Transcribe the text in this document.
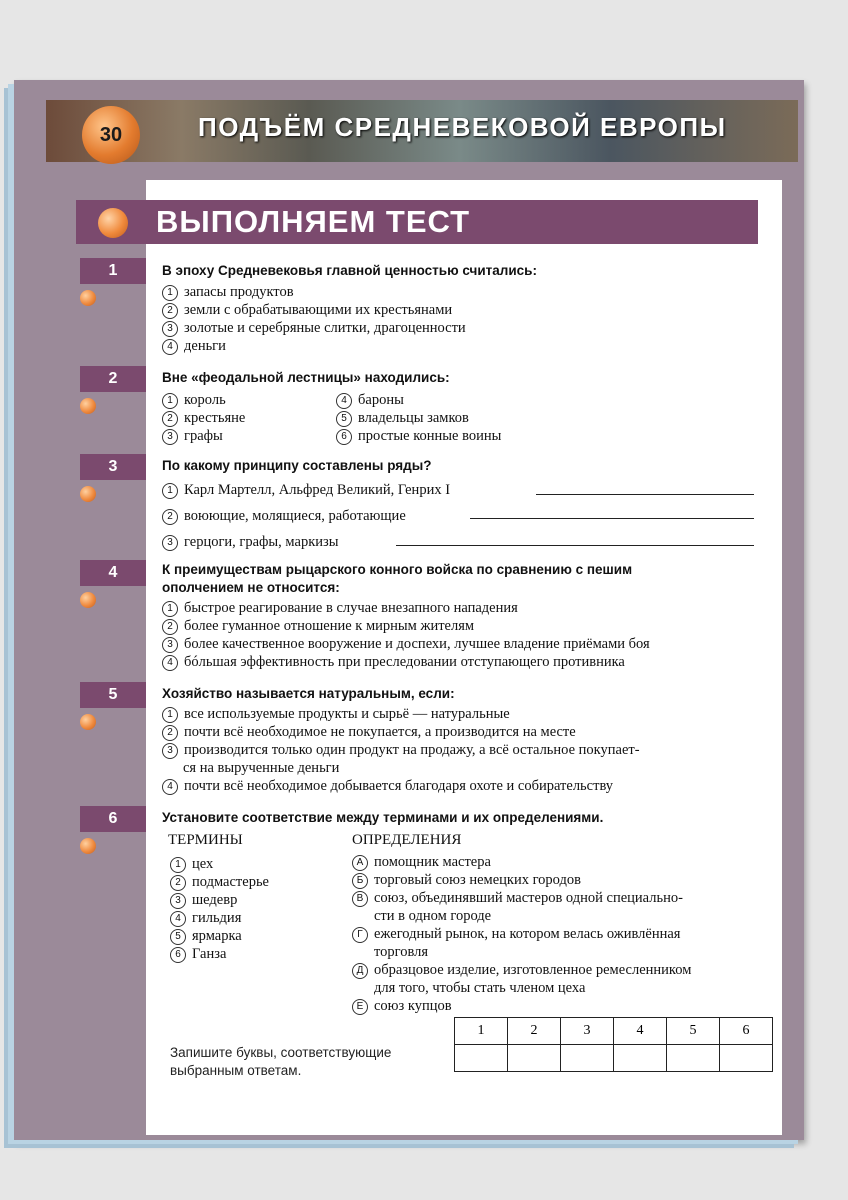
30	ПОДЪЁМ СРЕДНЕВЕКОВОЙ ЕВРОПЫ
ВЫПОЛНЯЕМ ТЕСТ
1	В эпоху Средневековья главной ценностью считались:
1 запасы продуктов
2 земли с обрабатывающими их крестьянами
3 золотые и серебряные слитки, драгоценности
4 деньги
2	Вне «феодальной лестницы» находились:
1 король
2 крестьяне
3 графы
4 бароны
5 владельцы замков
6 простые конные воины
3	По какому принципу составлены ряды?
1 Карл Мартелл, Альфред Великий, Генрих I
2 воюющие, молящиеся, работающие
3 герцоги, графы, маркизы
4	К преимуществам рыцарского конного войска по сравнению с пешим
ополчением не относится:
1 быстрое реагирование в случае внезапного нападения
2 более гуманное отношение к мирным жителям
3 более качественное вооружение и доспехи, лучшее владение приёмами боя
4 бóльшая эффективность при преследовании отступающего противника
5	Хозяйство называется натуральным, если:
1 все используемые продукты и сырьё — натуральные
2 почти всё необходимое не покупается, а производится на месте
3 производится только один продукт на продажу, а всё остальное покупает-
ся на вырученные деньги
4 почти всё необходимое добывается благодаря охоте и собирательству
6	Установите соответствие между терминами и их определениями.
ТЕРМИНЫ	ОПРЕДЕЛЕНИЯ
1 цех
2 подмастерье
3 шедевр
4 гильдия
5 ярмарка
6 Ганза
А помощник мастера
Б торговый союз немецких городов
В союз, объединявший мастеров одной специально-
сти в одном городе
Г ежегодный рынок, на котором велась оживлённая
торговля
Д образцовое изделие, изготовленное ремесленником
для того, чтобы стать членом цеха
Е союз купцов
1	2	3	4	5	6

Запишите буквы, соответствующие
выбранным ответам.
